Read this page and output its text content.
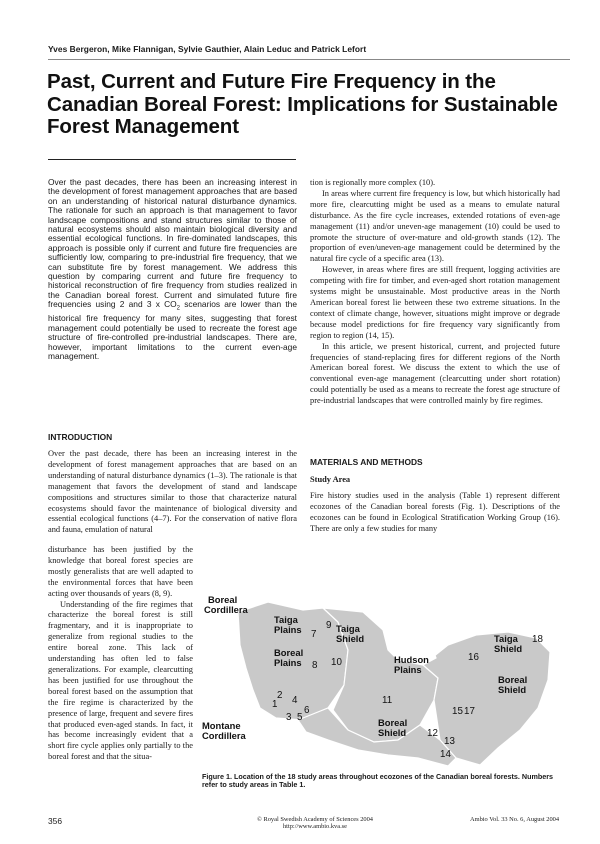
Yves Bergeron, Mike Flannigan, Sylvie Gauthier, Alain Leduc and Patrick Lefort
Past, Current and Future Fire Frequency in the Canadian Boreal Forest: Implications for Sustainable Forest Management
Over the past decades, there has been an increasing interest in the development of forest management approaches that are based on an understanding of historical natural disturbance dynamics. The rationale for such an approach is that management to favor landscape compositions and stand structures similar to those of natural ecosystems should also maintain biological diversity and essential ecological functions. In fire-dominated landscapes, this approach is possible only if current and future fire frequencies are sufficiently low, comparing to pre-industrial fire frequency, that we can substitute fire by forest management. We address this question by comparing current and future fire frequency to historical reconstruction of fire frequency from studies realized in the Canadian boreal forest. Current and simulated future fire frequencies using 2 and 3 x $CO_2$ scenarios are lower than the historical fire frequency for many sites, suggesting that forest management could potentially be used to recreate the forest age structure of fire-controlled pre-industrial landscapes. There are, however, important limitations to the current even-age management.
INTRODUCTION
Over the past decade, there has been an increasing interest in the development of forest management approaches that are based on an understanding of natural disturbance dynamics (1–3). The rationale is that management that favors the development of stand and landscape compositions and structures similar to those that characterize natural ecosystems should favor the maintenance of biological diversity and essential ecological functions (4–7). For the conservation of native flora and fauna, emulation of natural

disturbance has been justified by the knowledge that boreal forest species are mostly generalists that are well adapted to the environmental forces that have been acting over thousands of years (8, 9).

Understanding of the fire regimes that characterize the boreal forest is still fragmentary, and it is inappropriate to generalize from regional studies to the entire boreal zone. This lack of understanding has often led to false generalizations. For example, clearcutting has been justified for use throughout the boreal forest based on the assumption that the fire regime is characterized by the presence of large, frequent and severe fires that produced even-aged stands. In fact, it has become increasingly evident that a short fire cycle applies only partially to the boreal forest and that the situa-

tion is regionally more complex (10).

In areas where current fire frequency is low, but which historically had more fire, clearcutting might be used as a means to emulate natural disturbance. As the fire cycle increases, extended rotations of even-age management (11) and/or uneven-age management (10) could be used to promote the structure of over-mature and old-growth stands (12). The proportion of even/uneven-age management could be determined by the natural fire cycle of a specific area (13).

However, in areas where fires are still frequent, logging activities are competing with fire for timber, and even-aged short rotation management systems might be unsustainable. Most productive areas in the North American boreal forest lie between these two extreme situations. In the context of climate change, however, situations might improve or degrade because model predictions for fire frequency vary significantly from region to region (14, 15).

In this article, we present historical, current, and projected future frequencies of stand-replacing fires for different regions of the North American boreal forest. We discuss the extent to which the use of conventional even-age management (clearcutting under short rotation) could potentially be used as a means to recreate the forest age structure of pre-industrial landscapes that were controlled mainly by fire regimes.

MATERIALS AND METHODS
Study Area
Fire history studies used in the analysis (Table 1) represent different ecozones of the Canadian boreal forests (Fig. 1). Descriptions of the ecozones can be found in Ecological Stratification Working Group (16). There are only a few studies for many
Boreal
Cordillera
Taiga
Plains	Taiga
Shield
Boreal
Plains	Hudson
Plains
Taiga
Shield
Boreal
Shield
Boreal
Shield
Montane
Cordillera
1
2
3
4
5
6
7
8
9
10
11
12
13
14
15
16
17
18
Figure 1. Location of the 18 study areas throughout ecozones of the Canadian boreal forests. Numbers refer to study areas in Table 1.
356	© Royal Swedish Academy of Sciences 2004
http://www.ambio.kva.se
Ambio Vol. 33 No. 6, August 2004
